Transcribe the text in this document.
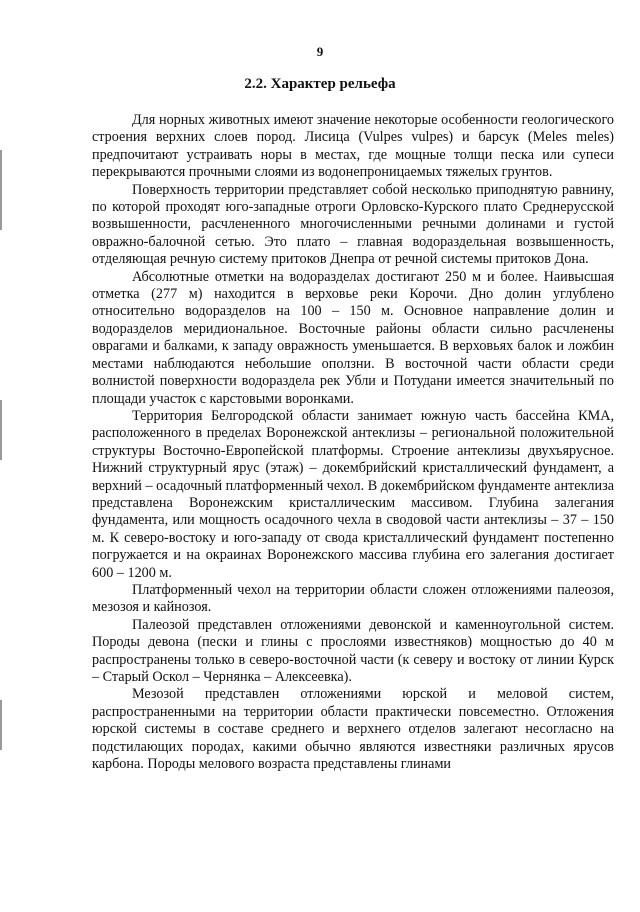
9
2.2. Характер рельефа

Для норных животных имеют значение некоторые особенности геологического строения верхних слоев пород. Лисица (Vulpes vulpes) и барсук (Meles meles) предпочитают устраивать норы в местах, где мощные толщи песка или супеси перекрываются прочными слоями из водонепроницаемых тяжелых грунтов.

Поверхность территории представляет собой несколько приподнятую равнину, по которой проходят юго-западные отроги Орловско-Курского плато Среднерусской возвышенности, расчлененного многочисленными речными долинами и густой овражно-балочной сетью. Это плато – главная водораздельная возвышенность, отделяющая речную систему притоков Днепра от речной системы притоков Дона.

Абсолютные отметки на водоразделах достигают 250 м и более. Наивысшая отметка (277 м) находится в верховье реки Корочи. Дно долин углублено относительно водоразделов на 100 – 150 м. Основное направление долин и водоразделов меридиональное. Восточные районы области сильно расчленены оврагами и балками, к западу овражность уменьшается. В верховьях балок и ложбин местами наблюдаются небольшие оползни. В восточной части области среди волнистой поверхности водораздела рек Убли и Потудани имеется значительный по площади участок с карстовыми воронками.

Территория Белгородской области занимает южную часть бассейна КМА, расположенного в пределах Воронежской антеклизы – региональной положительной структуры Восточно-Европейской платформы. Строение антеклизы двухъярусное. Нижний структурный ярус (этаж) – докембрийский кристаллический фундамент, а верхний – осадочный платформенный чехол. В докембрийском фундаменте антеклиза представлена Воронежским кристаллическим массивом. Глубина залегания фундамента, или мощность осадочного чехла в сводовой части антеклизы – 37 – 150 м. К северо-востоку и юго-западу от свода кристаллический фундамент постепенно погружается и на окраинах Воронежского массива глубина его залегания достигает 600 – 1200 м.

Платформенный чехол на территории области сложен отложениями палеозоя, мезозоя и кайнозоя.

Палеозой представлен отложениями девонской и каменноугольной систем. Породы девона (пески и глины с прослоями известняков) мощностью до 40 м распространены только в северо-восточной части (к северу и востоку от линии Курск – Старый Оскол – Чернянка – Алексеевка).

Мезозой представлен отложениями юрской и меловой систем, распространенными на территории области практически повсеместно. Отложения юрской системы в составе среднего и верхнего отделов залегают несогласно на подстилающих породах, какими обычно являются известняки различных ярусов карбона. Породы мелового возраста представлены глинами
